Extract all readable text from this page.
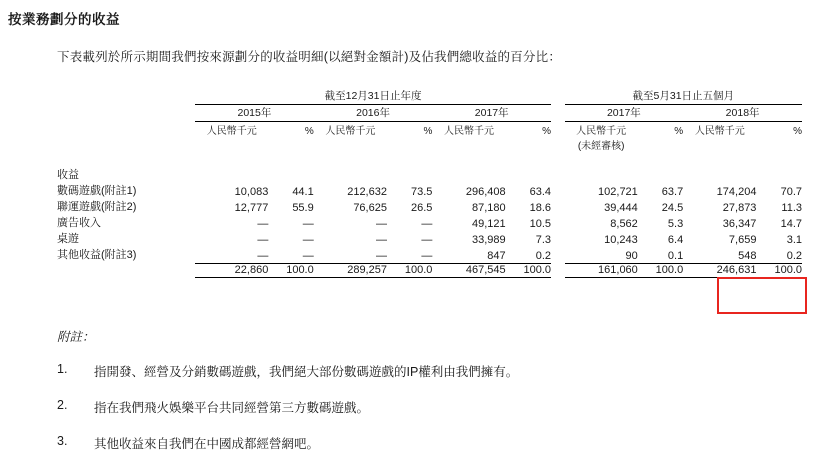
按業務劃分的收益
下表載列於所示期間我們按來源劃分的收益明細(以絕對金額計)及佔我們總收益的百分比：
	截至12月31日止年度							截至5月31日止五個月			

	2015年		2016年		2017年			2017年		2018年	

	人民幣千元	%	人民幣千元	%	人民幣千元	%		人民幣千元	%	人民幣千元	%
								(未經審核)			

收益											
數碼遊戲(附註1)	10,083	44.1	212,632	73.5	296,408	63.4		102,721	63.7	174,204	70.7
聯運遊戲(附註2)	12,777	55.9	76,625	26.5	87,180	18.6		39,444	24.5	27,873	11.3
廣告收入	—	—	—	—	49,121	10.5		8,562	5.3	36,347	14.7
桌遊	—	—	—	—	33,989	7.3		10,243	6.4	7,659	3.1
其他收益(附註3)	—	—	—	—	847	0.2		90	0.1	548	0.2

	22,860	100.0	289,257	100.0	467,545	100.0		161,060	100.0	246,631	100.0

附註：
1. 指開發、經營及分銷數碼遊戲，我們絕大部份數碼遊戲的IP權利由我們擁有。
2. 指在我們飛火娛樂平台共同經營第三方數碼遊戲。
3. 其他收益來自我們在中國成都經營網吧。
